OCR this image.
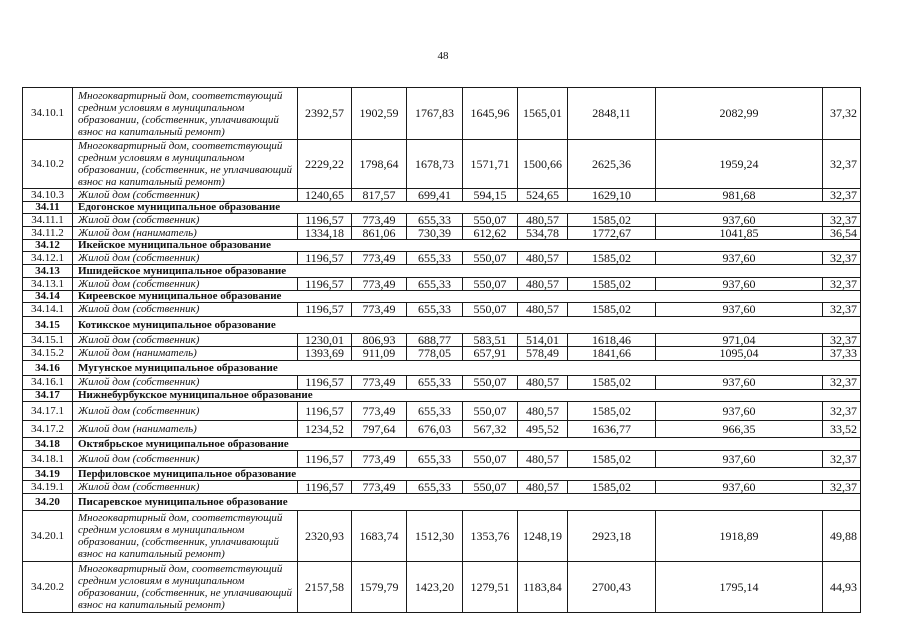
48
34.10.1	Многоквартирный дом, соответствующий
средним условиям в муниципальном
образовании, (собственник, уплачивающий
взнос на капитальный ремонт)	2392,57	1902,59	1767,83	1645,96	1565,01	2848,11	2082,99	37,32
34.10.2	Многоквартирный дом, соответствующий
средним условиям в муниципальном
образовании, (собственник, не уплачивающий
взнос на капитальный ремонт)	2229,22	1798,64	1678,73	1571,71	1500,66	2625,36	1959,24	32,37
34.10.3	Жилой дом (собственник)	1240,65	817,57	699,41	594,15	524,65	1629,10	981,68	32,37
34.11	Едогонское муниципальное образование								
34.11.1	Жилой дом (собственник)	1196,57	773,49	655,33	550,07	480,57	1585,02	937,60	32,37
34.11.2	Жилой дом (наниматель)	1334,18	861,06	730,39	612,62	534,78	1772,67	1041,85	36,54
34.12	Икейское муниципальное образование								
34.12.1	Жилой дом (собственник)	1196,57	773,49	655,33	550,07	480,57	1585,02	937,60	32,37
34.13	Ишидейское муниципальное образование								
34.13.1	Жилой дом (собственник)	1196,57	773,49	655,33	550,07	480,57	1585,02	937,60	32,37
34.14	Киреевское муниципальное образование								
34.14.1	Жилой дом (собственник)	1196,57	773,49	655,33	550,07	480,57	1585,02	937,60	32,37
34.15	Котикское муниципальное образование								
34.15.1	Жилой дом (собственник)	1230,01	806,93	688,77	583,51	514,01	1618,46	971,04	32,37
34.15.2	Жилой дом (наниматель)	1393,69	911,09	778,05	657,91	578,49	1841,66	1095,04	37,33
34.16	Мугунское муниципальное образование								
34.16.1	Жилой дом (собственник)	1196,57	773,49	655,33	550,07	480,57	1585,02	937,60	32,37
34.17	Нижнебурбукское муниципальное образование								
34.17.1	Жилой дом (собственник)	1196,57	773,49	655,33	550,07	480,57	1585,02	937,60	32,37
34.17.2	Жилой дом (наниматель)	1234,52	797,64	676,03	567,32	495,52	1636,77	966,35	33,52
34.18	Октябрьское муниципальное образование								
34.18.1	Жилой дом (собственник)	1196,57	773,49	655,33	550,07	480,57	1585,02	937,60	32,37
34.19	Перфиловское муниципальное образование								
34.19.1	Жилой дом (собственник)	1196,57	773,49	655,33	550,07	480,57	1585,02	937,60	32,37
34.20	Писаревское муниципальное образование								
34.20.1	Многоквартирный дом, соответствующий
средним условиям в муниципальном
образовании, (собственник, уплачивающий
взнос на капитальный ремонт)	2320,93	1683,74	1512,30	1353,76	1248,19	2923,18	1918,89	49,88
34.20.2	Многоквартирный дом, соответствующий
средним условиям в муниципальном
образовании, (собственник, не уплачивающий
взнос на капитальный ремонт)	2157,58	1579,79	1423,20	1279,51	1183,84	2700,43	1795,14	44,93
